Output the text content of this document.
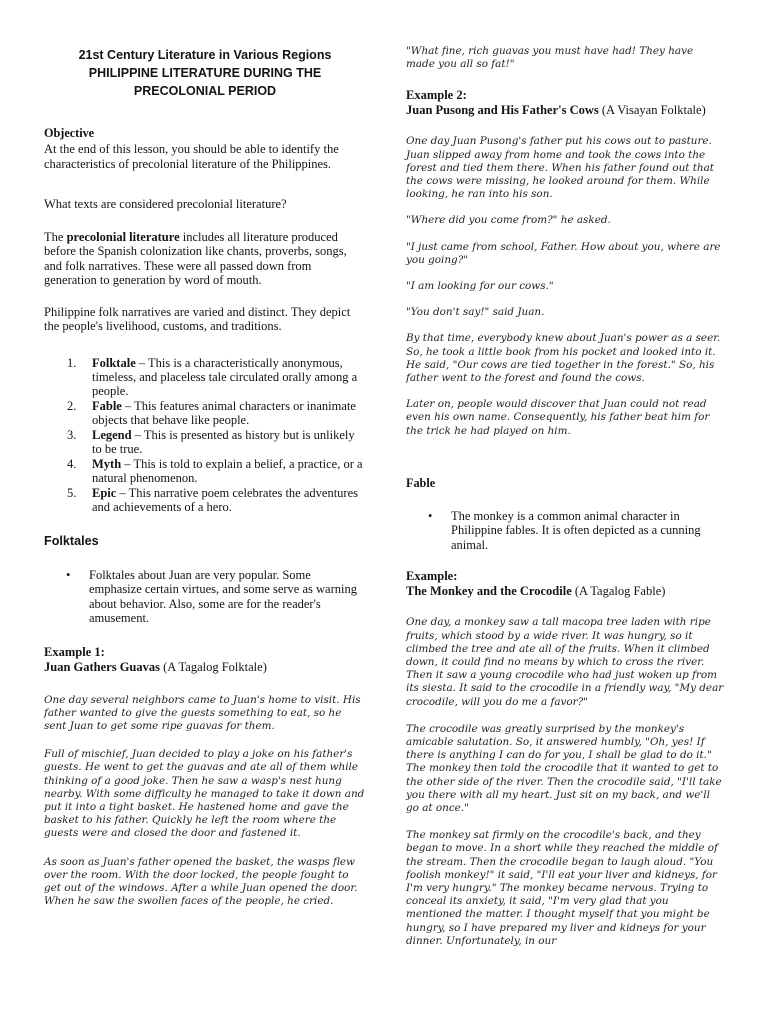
21st Century Literature in Various Regions

PHILIPPINE LITERATURE DURING THE

PRECOLONIAL PERIOD

Objective

At the end of this lesson, you should be able to identify the characteristics of precolonial literature of the Philippines.

What texts are considered precolonial literature?

The precolonial literature includes all literature produced before the Spanish colonization like chants, proverbs, songs, and folk narratives. These were all passed down from generation to generation by word of mouth.

Philippine folk narratives are varied and distinct. They depict the people's livelihood, customs, and traditions.

1. Folktale – This is a characteristically anonymous, timeless, and placeless tale circulated orally among a people.
2. Fable – This features animal characters or inanimate objects that behave like people.
3. Legend – This is presented as history but is unlikely to be true.
4. Myth – This is told to explain a belief, a practice, or a natural phenomenon.
5. Epic – This narrative poem celebrates the adventures and achievements of a hero.

Folktales

• Folktales about Juan are very popular. Some emphasize certain virtues, and some serve as warning about behavior. Also, some are for the reader's amusement.

Example 1:

Juan Gathers Guavas (A Tagalog Folktale)

One day several neighbors came to Juan's home to visit. His father wanted to give the guests something to eat, so he sent Juan to get some ripe guavas for them.

Full of mischief, Juan decided to play a joke on his father's guests. He went to get the guavas and ate all of them while thinking of a good joke. Then he saw a wasp's nest hung nearby. With some difficulty he managed to take it down and put it into a tight basket. He hastened home and gave the basket to his father. Quickly he left the room where the guests were and closed the door and fastened it.

As soon as Juan's father opened the basket, the wasps flew over the room. With the door locked, the people fought to get out of the windows. After a while Juan opened the door. When he saw the swollen faces of the people, he cried.

"What fine, rich guavas you must have had! They have made you all so fat!"

Example 2:

Juan Pusong and His Father's Cows (A Visayan Folktale)

One day Juan Pusong's father put his cows out to pasture. Juan slipped away from home and took the cows into the forest and tied them there. When his father found out that the cows were missing, he looked around for them. While looking, he ran into his son.

"Where did you come from?" he asked.

"I just came from school, Father. How about you, where are you going?"

"I am looking for our cows."

"You don't say!" said Juan.

By that time, everybody knew about Juan's power as a seer. So, he took a little book from his pocket and looked into it. He said, "Our cows are tied together in the forest." So, his father went to the forest and found the cows.

Later on, people would discover that Juan could not read even his own name. Consequently, his father beat him for the trick he had played on him.

Fable

• The monkey is a common animal character in Philippine fables. It is often depicted as a cunning animal.

Example:

The Monkey and the Crocodile (A Tagalog Fable)

One day, a monkey saw a tall macopa tree laden with ripe fruits, which stood by a wide river. It was hungry, so it climbed the tree and ate all of the fruits. When it climbed down, it could find no means by which to cross the river. Then it saw a young crocodile who had just woken up from its siesta. It said to the crocodile in a friendly way, "My dear crocodile, will you do me a favor?"

The crocodile was greatly surprised by the monkey's amicable salutation. So, it answered humbly, "Oh, yes! If there is anything I can do for you, I shall be glad to do it." The monkey then told the crocodile that it wanted to get to the other side of the river. Then the crocodile said, "I'll take you there with all my heart. Just sit on my back, and we'll go at once."

The monkey sat firmly on the crocodile's back, and they began to move. In a short while they reached the middle of the stream. Then the crocodile began to laugh aloud. "You foolish monkey!" it said, "I'll eat your liver and kidneys, for I'm very hungry." The monkey became nervous. Trying to conceal its anxiety, it said, "I'm very glad that you mentioned the matter. I thought myself that you might be hungry, so I have prepared my liver and kidneys for your dinner. Unfortunately, in our
